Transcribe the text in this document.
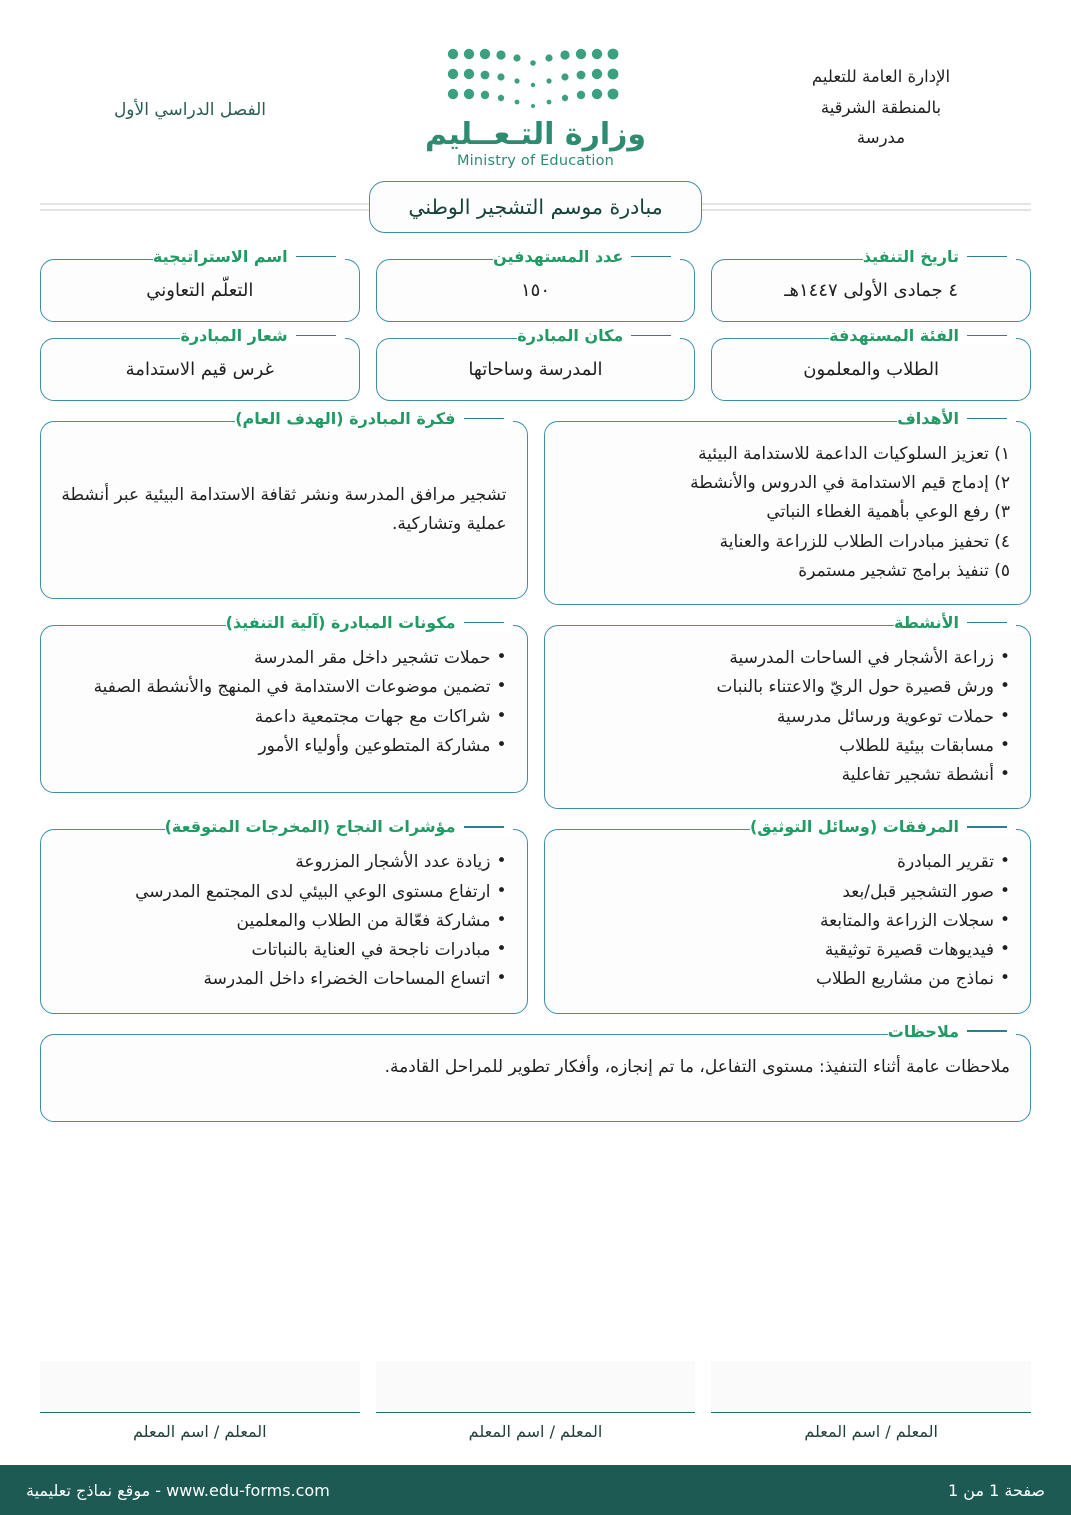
الإدارة العامة للتعليم
بالمنطقة الشرقية
مدرسة
وزارة التـعــليم
Ministry of Education
الفصل الدراسي الأول
مبادرة موسم التشجير الوطني
تاريخ التنفيذ
٤ جمادى الأولى ١٤٤٧هـ
عدد المستهدفين
١٥٠
اسم الاستراتيجية
التعلّم التعاوني
الفئة المستهدفة
الطلاب والمعلمون
مكان المبادرة
المدرسة وساحاتها
شعار المبادرة
غرس قيم الاستدامة
الأهداف
١) تعزيز السلوكيات الداعمة للاستدامة البيئية
٢) إدماج قيم الاستدامة في الدروس والأنشطة
٣) رفع الوعي بأهمية الغطاء النباتي
٤) تحفيز مبادرات الطلاب للزراعة والعناية
٥) تنفيذ برامج تشجير مستمرة
فكرة المبادرة (الهدف العام)

تشجير مرافق المدرسة ونشر ثقافة الاستدامة البيئية عبر أنشطة عملية وتشاركية.

الأنشطة
• زراعة الأشجار في الساحات المدرسية
• ورش قصيرة حول الريّ والاعتناء بالنبات
• حملات توعوية ورسائل مدرسية
• مسابقات بيئية للطلاب
• أنشطة تشجير تفاعلية
مكونات المبادرة (آلية التنفيذ)
• حملات تشجير داخل مقر المدرسة
• تضمين موضوعات الاستدامة في المنهج والأنشطة الصفية
• شراكات مع جهات مجتمعية داعمة
• مشاركة المتطوعين وأولياء الأمور
المرفقات (وسائل التوثيق)
• تقرير المبادرة
• صور التشجير قبل/بعد
• سجلات الزراعة والمتابعة
• فيديوهات قصيرة توثيقية
• نماذج من مشاريع الطلاب
مؤشرات النجاح (المخرجات المتوقعة)
• زيادة عدد الأشجار المزروعة
• ارتفاع مستوى الوعي البيئي لدى المجتمع المدرسي
• مشاركة فعّالة من الطلاب والمعلمين
• مبادرات ناجحة في العناية بالنباتات
• اتساع المساحات الخضراء داخل المدرسة
ملاحظات

ملاحظات عامة أثناء التنفيذ: مستوى التفاعل، ما تم إنجازه، وأفكار تطوير للمراحل القادمة.

المعلم / اسم المعلم
المعلم / اسم المعلم
المعلم / اسم المعلم
صفحة 1 من 1
www.edu-forms.com - موقع نماذج تعليمية
